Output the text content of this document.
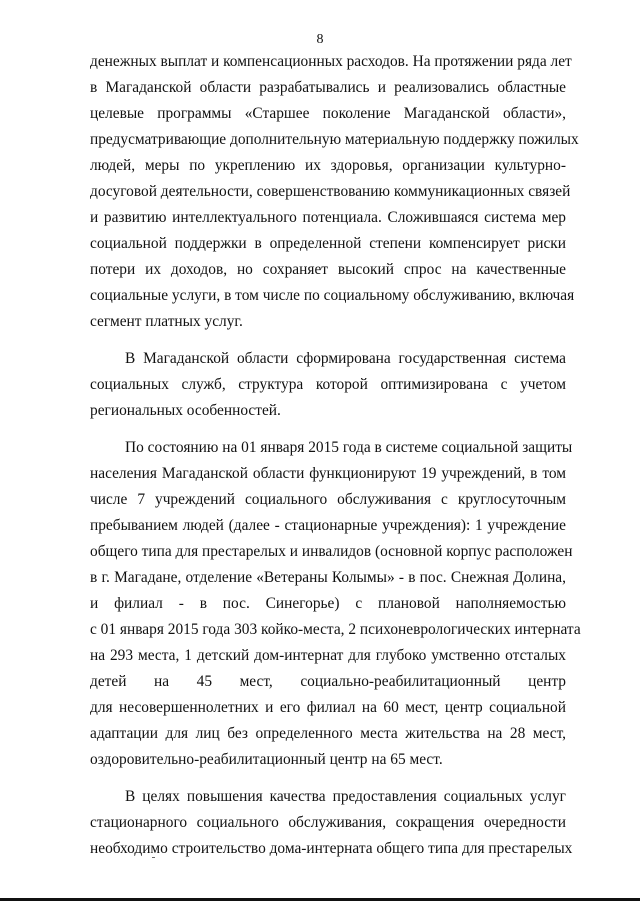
8

денежных выплат и компенсационных расходов. На протяжении ряда лет
в Магаданской области разрабатывались и реализовались областные
целевые программы «Старшее поколение Магаданской области»,
предусматривающие дополнительную материальную поддержку пожилых
людей, меры по укреплению их здоровья, организации культурно-
досуговой деятельности, совершенствованию коммуникационных связей
и развитию интеллектуального потенциала. Сложившаяся система мер
социальной поддержки в определенной степени компенсирует риски
потери их доходов, но сохраняет высокий спрос на качественные
социальные услуги, в том числе по социальному обслуживанию, включая
сегмент платных услуг.

В Магаданской области сформирована государственная система
социальных служб, структура которой оптимизирована с учетом
региональных особенностей.

По состоянию на 01 января 2015 года в системе социальной защиты
населения Магаданской области функционируют 19 учреждений, в том
числе 7 учреждений социального обслуживания с круглосуточным
пребыванием людей (далее - стационарные учреждения): 1 учреждение
общего типа для престарелых и инвалидов (основной корпус расположен
в г. Магадане, отделение «Ветераны Колымы» - в пос. Снежная Долина,
и филиал - в пос. Синегорье) с плановой наполняемостью
с 01 января 2015 года 303 койко-места, 2 психоневрологических интерната
на 293 места, 1 детский дом-интернат для глубоко умственно отсталых
детей на 45 мест, социально-реабилитационный центр
для несовершеннолетних и его филиал на 60 мест, центр социальной
адаптации для лиц без определенного места жительства на 28 мест,
оздоровительно-реабилитационный центр на 65 мест.

В целях повышения качества предоставления социальных услуг
стационарного социального обслуживания, сокращения очередности
необходимо строительство дома-интерната общего типа для престарелых
